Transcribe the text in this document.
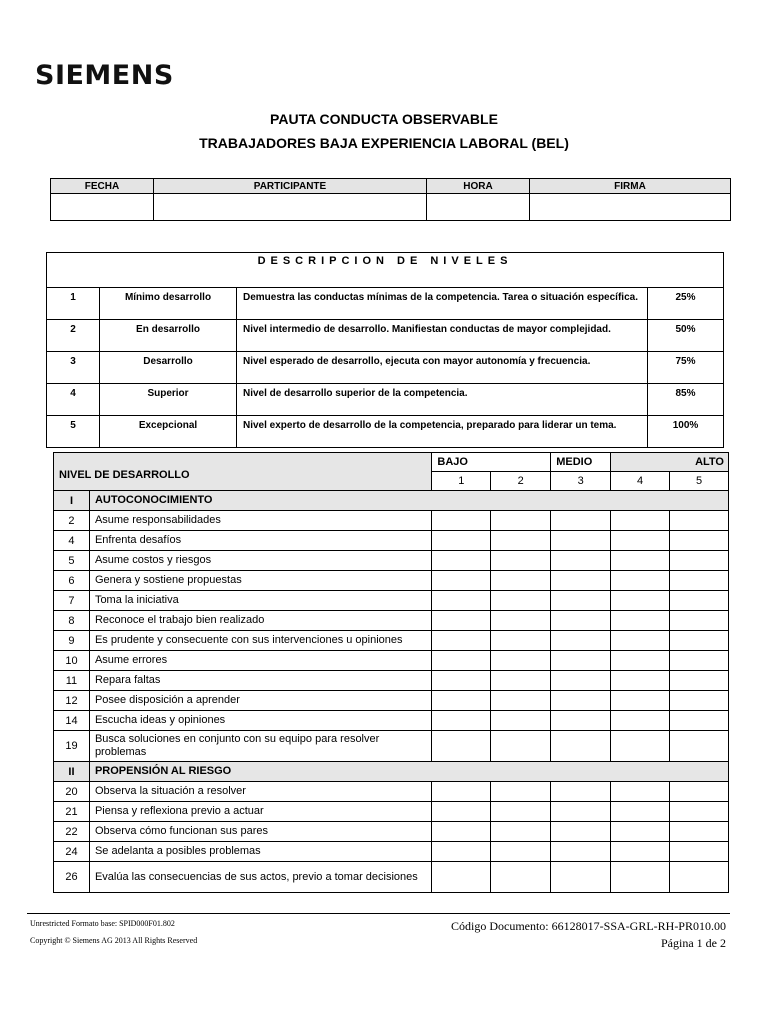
SIEMENS
PAUTA CONDUCTA OBSERVABLE
TRABAJADORES BAJA EXPERIENCIA LABORAL (BEL)
FECHA	PARTICIPANTE	HORA	FIRMA

DESCRIPCION DE NIVELES			
1	Mínimo desarrollo	Demuestra las conductas mínimas de la competencia. Tarea o situación específica.	25%
2	En desarrollo	Nivel intermedio de desarrollo. Manifiestan conductas de mayor complejidad.	50%
3	Desarrollo	Nivel esperado de desarrollo, ejecuta con mayor autonomía y frecuencia.	75%
4	Superior	Nivel de desarrollo superior de la competencia.	85%
5	Excepcional	Nivel experto de desarrollo de la competencia, preparado para liderar un tema.	100%
NIVEL DE DESARROLLO		BAJO		MEDIO	ALTO	
		1	2	3	4	5
I	AUTOCONOCIMIENTO					
2	Asume responsabilidades					
4	Enfrenta desafíos					
5	Asume costos y riesgos					
6	Genera y sostiene propuestas					
7	Toma la iniciativa					
8	Reconoce el trabajo bien realizado					
9	Es prudente y consecuente con sus intervenciones u opiniones					
10	Asume errores					
11	Repara faltas					
12	Posee disposición a aprender					
14	Escucha ideas y opiniones					
19	Busca soluciones en conjunto con su equipo para resolver problemas					
II	PROPENSIÓN AL RIESGO					
20	Observa la situación a resolver					
21	Piensa y reflexiona previo a actuar					
22	Observa cómo funcionan sus pares					
24	Se adelanta a posibles problemas					
26	Evalúa las consecuencias de sus actos, previo a tomar decisiones					
Unrestricted Formato base: SPID000F01.802
Copyright © Siemens AG 2013 All Rights Reserved
Código Documento: 66128017-SSA-GRL-RH-PR010.00
Página 1 de 2
